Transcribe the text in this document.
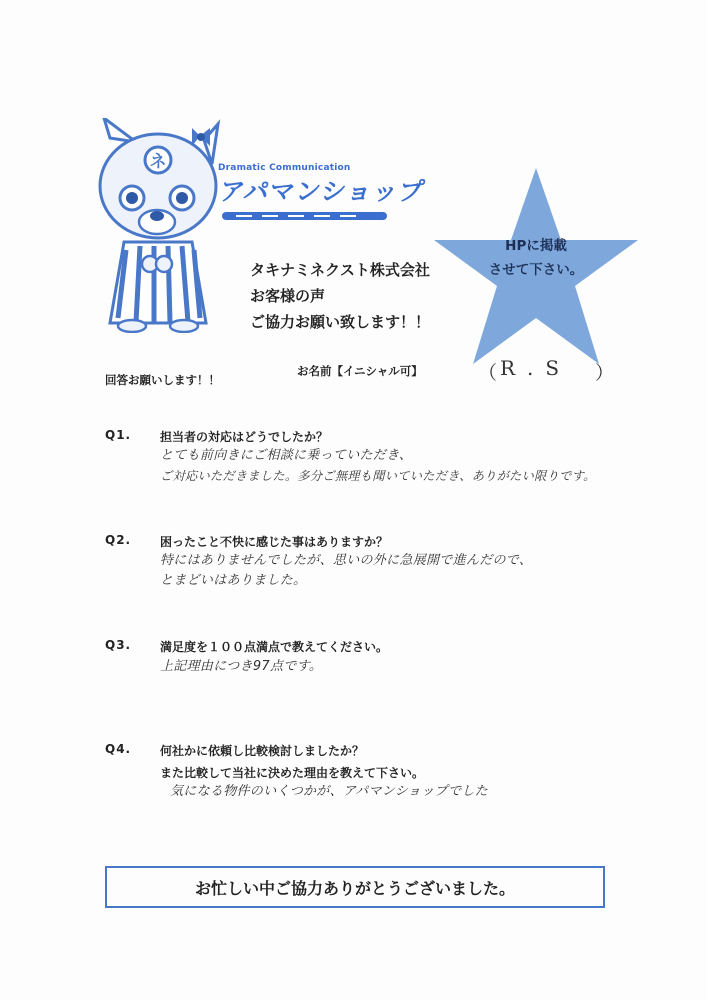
ネ	Dramatic Communication
アパマンショップ
タキナミネクスト株式会社
お客様の声
ご協力お願い致します！！
HPに掲載
させて下さい。
回答お願いします！！
お名前【イニシャル可】	（ R.S ）
Q1. 担当者の対応はどうでしたか？
とても前向きにご相談に乗っていただき、
ご対応いただきました。多分ご無理も聞いていただき、ありがたい限りです。
Q2. 困ったこと不快に感じた事はありますか？
特にはありませんでしたが、思いの外に急展開で進んだので、
とまどいはありました。
Q3. 満足度を１００点満点で教えてください。
上記理由につき97点です。
Q4. 何社かに依頼し比較検討しましたか？
また比較して当社に決めた理由を教えて下さい。
気になる物件のいくつかが、アパマンショップでした
お忙しい中ご協力ありがとうございました。
